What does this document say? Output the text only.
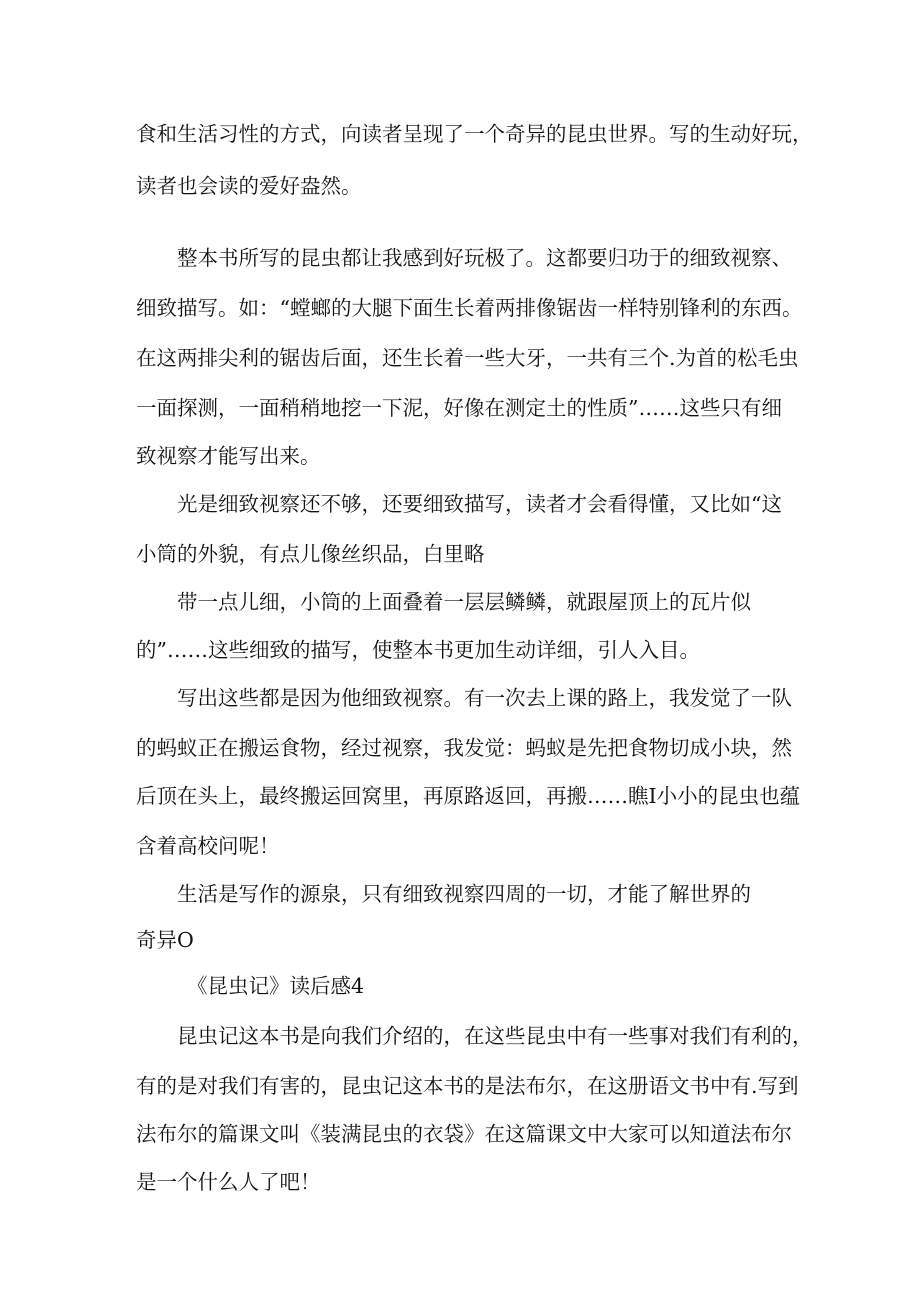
食和生活习性的方式，向读者呈现了一个奇异的昆虫世界。写的生动好玩，
读者也会读的爱好盎然。
整本书所写的昆虫都让我感到好玩极了。这都要归功于的细致视察、
细致描写。如：“螳螂的大腿下面生长着两排像锯齿一样特别锋利的东西。
在这两排尖利的锯齿后面，还生长着一些大牙，一共有三个.为首的松毛虫
一面探测，一面稍稍地挖一下泥，好像在测定土的性质”……这些只有细
致视察才能写出来。
光是细致视察还不够，还要细致描写，读者才会看得懂，又比如“这
小筒的外貌，有点儿像丝织品，白里略
带一点儿细，小筒的上面叠着一层层鳞鳞，就跟屋顶上的瓦片似
的”……这些细致的描写，使整本书更加生动详细，引人入目。
写出这些都是因为他细致视察。有一次去上课的路上，我发觉了一队
的蚂蚁正在搬运食物，经过视察，我发觉：蚂蚁是先把食物切成小块，然
后顶在头上，最终搬运回窝里，再原路返回，再搬……瞧I小小的昆虫也蕴
含着高校问呢！
生活是写作的源泉，只有细致视察四周的一切，才能了解世界的
奇异O
《昆虫记》读后感4
昆虫记这本书是向我们介绍的，在这些昆虫中有一些事对我们有利的，
有的是对我们有害的，昆虫记这本书的是法布尔，在这册语文书中有.写到
法布尔的篇课文叫《装满昆虫的衣袋》在这篇课文中大家可以知道法布尔
是一个什么人了吧！
